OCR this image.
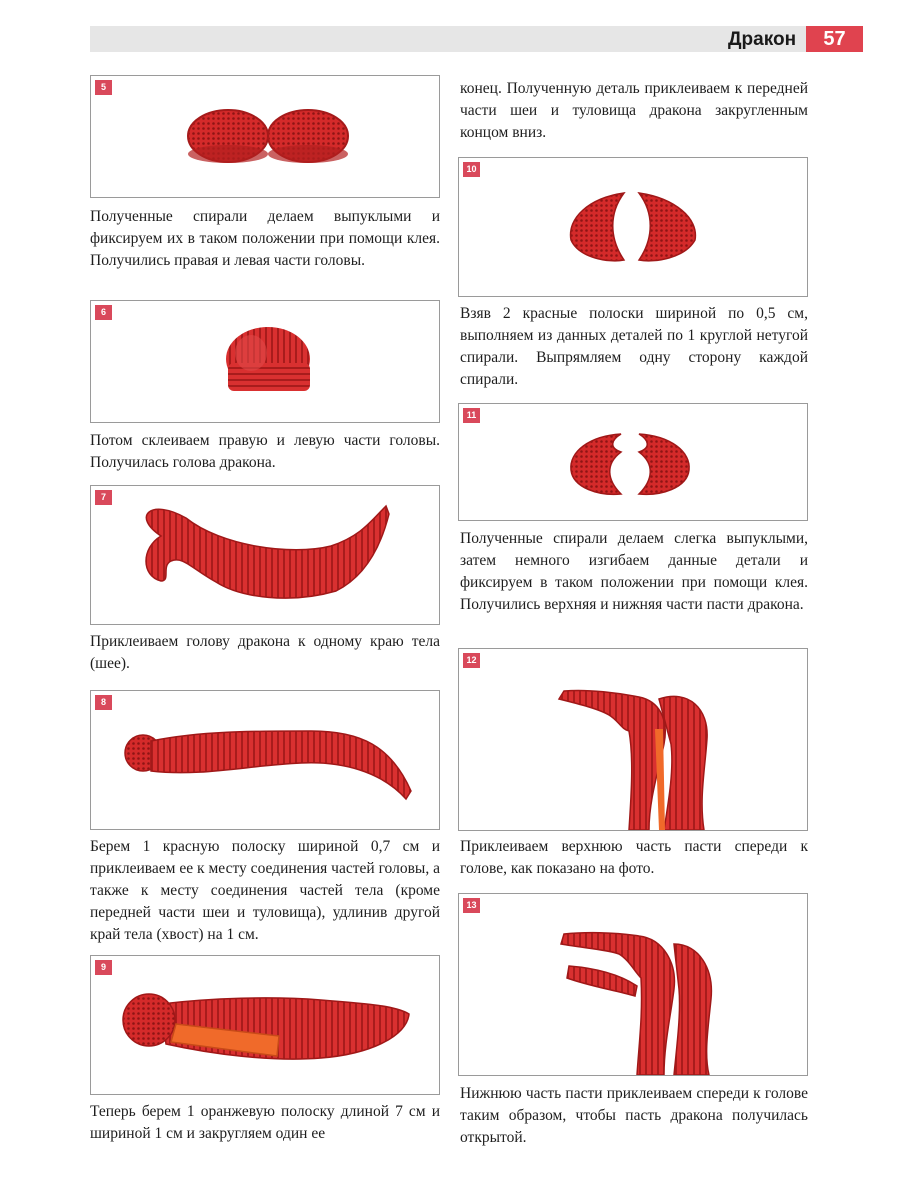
Дракон	57
5

Полученные спирали делаем выпуклыми и фиксируем их в таком положении при помощи клея. Получились правая и левая части головы.

6

Потом склеиваем правую и левую части головы. Получилась голова дракона.

7

Приклеиваем голову дракона к одному краю тела (шее).

8

Берем 1 красную полоску шириной 0,7 см и приклеиваем ее к месту соединения частей головы, а также к месту соединения частей тела (кроме передней части шеи и туловища), удлинив другой край тела (хвост) на 1 см.

9

Теперь берем 1 оранжевую полоску длиной 7 см и шириной 1 см и закругляем один ее

конец. Полученную деталь приклеиваем к передней части шеи и туловища дракона закругленным концом вниз.

10

Взяв 2 красные полоски шириной по 0,5 см, выполняем из данных деталей по 1 круглой нетугой спирали. Выпрямляем одну сторону каждой спирали.

11

Полученные спирали делаем слегка выпуклыми, затем немного изгибаем данные детали и фиксируем в таком положении при помощи клея. Получились верхняя и нижняя части пасти дракона.

12

Приклеиваем верхнюю часть пасти спереди к голове, как показано на фото.

13

Нижнюю часть пасти приклеиваем спереди к голове таким образом, чтобы пасть дракона получилась открытой.
